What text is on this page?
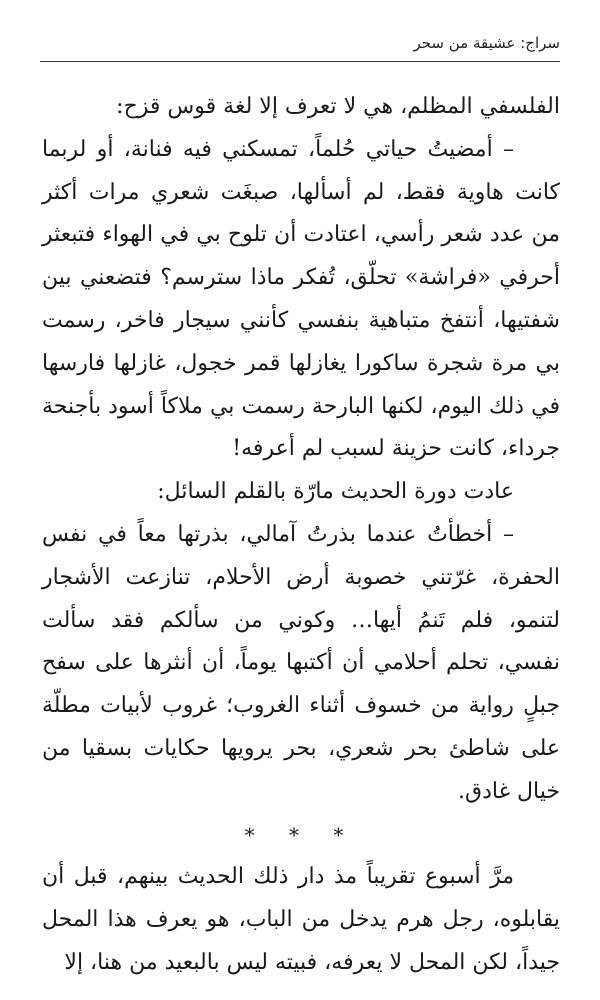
سراج: عشيقة من سحر

الفلسفي المظلم، هي لا تعرف إلا لغة قوس قزح:

– أمضيتُ حياتي حُلماً، تمسكني فيه فنانة، أو لربما كانت هاوية فقط، لم أسألها، صبغَت شعري مرات أكثر من عدد شعر رأسي، اعتادت أن تلوح بي في الهواء فتبعثر أحرفي «فراشة» تحلّق، تُفكر ماذا سترسم؟ فتضعني بين شفتيها، أنتفخ متباهية بنفسي كأنني سيجار فاخر، رسمت بي مرة شجرة ساكورا يغازلها قمر خجول، غازلها فارسها في ذلك اليوم، لكنها البارحة رسمت بي ملاكاً أسود بأجنحة جرداء، كانت حزينة لسبب لم أعرفه!

عادت دورة الحديث مارّة بالقلم السائل:

– أخطأتُ عندما بذرتُ آمالي، بذرتها معاً في نفس الحفرة، غرّتني خصوبة أرض الأحلام، تنازعت الأشجار لتنمو، فلم تَنمُ أيها… وكوني من سألكم فقد سألت نفسي، تحلم أحلامي أن أكتبها يوماً، أن أنثرها على سفح جبلٍ رواية من خسوف أثناء الغروب؛ غروب لأبيات مطلّة على شاطئ بحر شعري، بحر يرويها حكايات بسقيا من خيال غادق.

* * *

مرَّ أسبوع تقريباً مذ دار ذلك الحديث بينهم، قبل أن يقابلوه، رجل هرم يدخل من الباب، هو يعرف هذا المحل جيداً، لكن المحل لا يعرفه، فبيته ليس بالبعيد من هنا، إلا
